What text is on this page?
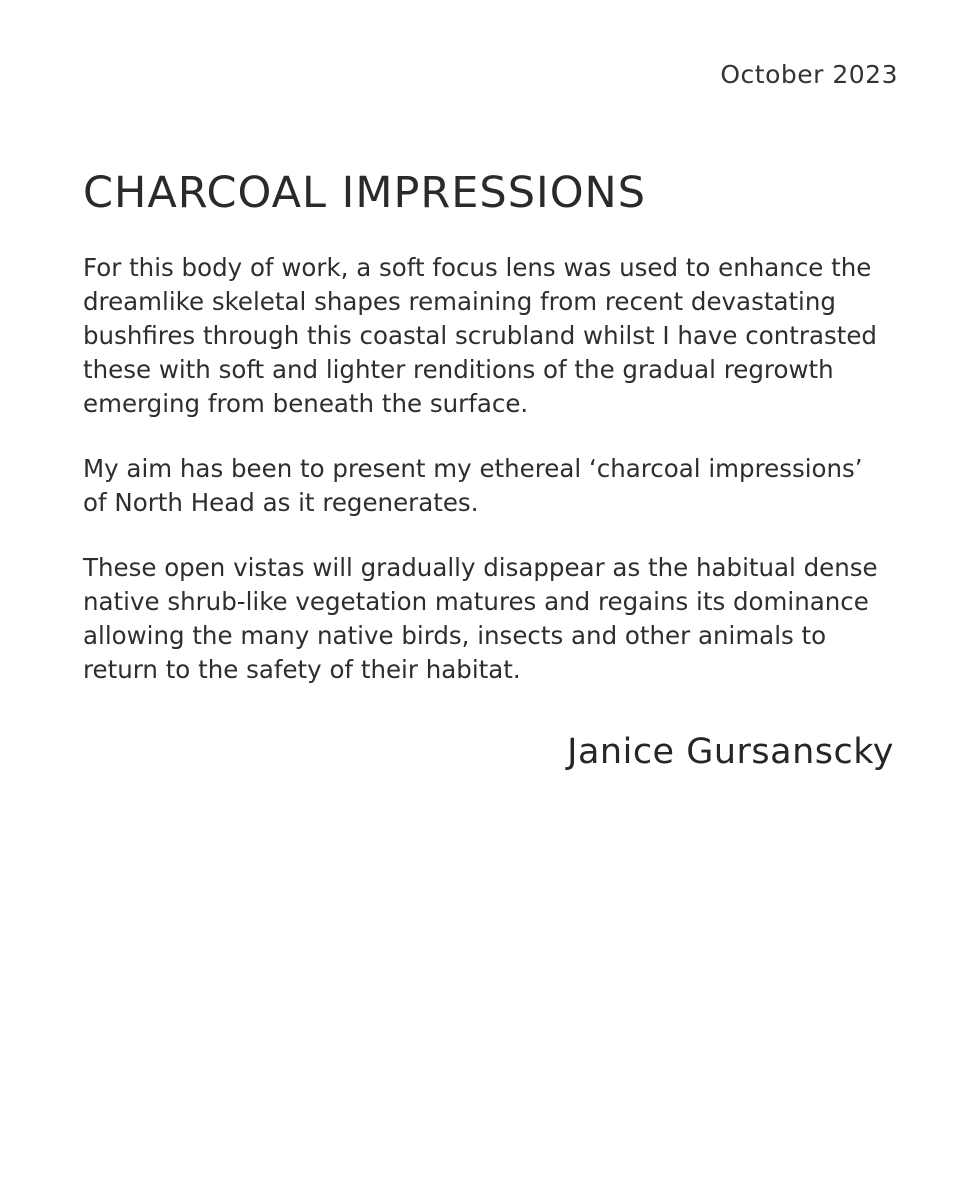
October 2023
CHARCOAL IMPRESSIONS

For this body of work, a soft focus lens was used to enhance the dreamlike skeletal shapes remaining from recent devastating bushfires through this coastal scrubland whilst I have contrasted these with soft and lighter renditions of the gradual regrowth emerging from beneath the surface.

My aim has been to present my ethereal ‘charcoal impressions’ of North Head as it regenerates.

These open vistas will gradually disappear as the habitual dense native shrub-like vegetation matures and regains its dominance allowing the many native birds, insects and other animals to return to the safety of their habitat.

Janice Gursanscky
